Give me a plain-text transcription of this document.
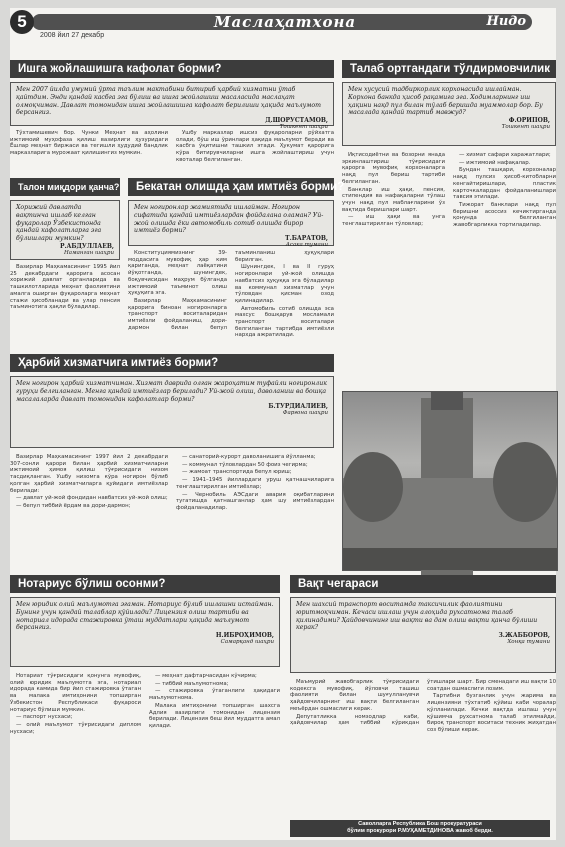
5	Маслаҳатхона	Нидо
2008 йил 27 декабр
Ишга жойлашишга кафолат борми?
Мен 2007 йилда умумий ўрта таълим мактабини битириб ҳарбий хизматни ўтаб қайтдим. Энди қандай касбга эга бўлиш ва ишга жойлашиш масаласида маслаҳат олмоқчиман. Давлат томонидан ишга жойлашишга кафолат берилиши ҳақида маълумот берсангиз.
Д.ШОРУСТАМОВ,
Тошкент шаҳри

Тўхтамишевич бор. Чунки Меҳнат ва аҳолини ижтимоий муҳофаза қилиш вазирлиги ҳузуридаги Ёшлар меҳнат биржаси ва тегишли ҳудудий бандлик марказларига мурожаат қилишингиз мумкин.

Ушбу марказлар ишсиз фуқароларни рўйхатга олади, бўш иш ўринлари ҳақида маълумот беради ва касбга ўқитишни ташкил этади. Ҳукумат қарорига кўра битирувчиларни ишга жойлаштириш учун квоталар белгиланган.

Талаб ортгандаги тўлдирмовчилик
Мен хусусий тадбиркорлик корхонасида ишлайман. Корхона банкда ҳисоб рақамига эга. Ходимларнинг иш ҳақини нақд пул билан тўлаб беришда муаммолар бор. Бу масалада қандай тартиб мавжуд?
Ф.ОРИПОВ,
Тошкент шаҳри

Иқтисодиётни ва бозорни янада эркинлаштириш тўғрисидаги қарорга мувофиқ корхоналарга нақд пул бериш тартиби белгиланган.

Банклар иш ҳақи, пенсия, стипендия ва нафақаларни тўлаш учун нақд пул маблағларини ўз вақтида беришлари шарт.

— иш ҳақи ва унга тенглаштирилган тўловлар;

— хизмат сафари харажатлари;

— ижтимоий нафақалар.

Бундан ташқари, корхоналар нақд пулсиз ҳисоб-китобларни кенгайтиришлари, пластик карточкалардан фойдаланишлари тавсия этилади.

Тижорат банклари нақд пул беришни асоссиз кечиктирганда қонунда белгиланган жавобгарликка тортиладилар.

Талон миқдори қанча?
Хорижий давлатда вақтинча ишлаб келган фуқаролар Ўзбекистонда қандай кафолатларга эга бўлишлари мумкин?
Р.АБДУЛЛАЕВ,
Наманган шаҳри

Вазирлар Маҳкамасининг 1995 йил 25 декабрдаги қарорига асосан хорижий давлат органларида ва ташкилотларида меҳнат фаолиятини амалга оширган фуқароларга меҳнат стажи ҳисобланади ва улар пенсия таъминотига ҳақли бўладилар.

Бекатан олишда ҳам имтиёз борми?
Мен ногиронлар жамиятида ишлайман. Ногирон сифатида қандай имтиёзлардан фойдалана оламан? Уй-жой олишда ёки автомобиль сотиб олишда бирор имтиёз борми?
Т.БАРАТОВ,
Асака тумани

Конституциямизнинг 39-моддасига мувофиқ ҳар ким қариганда, меҳнат лаёқатини йўқотганда, шунингдек, боқувчисидан маҳрум бўлганда ижтимоий таъминот олиш ҳуқуқига эга.

Вазирлар Маҳкамасининг қарорига биноан ногиронларга транспорт воситаларидан имтиёзли фойдаланиш, дори-дармон билан бепул таъминланиш ҳуқуқлари берилган.

Шунингдек, I ва II гуруҳ ногиронлари уй-жой олишда навбатсиз ҳуқуққа эга бўладилар ва коммунал хизматлар учун тўловдан қисман озод қилинадилар.

Автомобиль сотиб олишда эса махсус бошқарув мосламали транспорт воситалари белгиланган тартибда имтиёзли нархда ажратилади.

Ҳарбий хизматчига имтиёз борми?
Мен ногирон ҳарбий хизматчиман. Хизмат даврида олган жароҳатим туфайли ногиронлик гуруҳи белгиланган. Менга қандай имтиёзлар берилади? Уй-жой олиш, даволаниш ва бошқа масалаларда давлат томонидан кафолатлар борми?
Б.ТУРДИАЛИЕВ,
Фарғона шаҳри

Вазирлар Маҳкамасининг 1997 йил 2 декабрдаги 307-сонли қарори билан ҳарбий хизматчиларни ижтимоий ҳимоя қилиш тўғрисидаги низом тасдиқланган. Ушбу низомга кўра ногирон бўлиб қолган ҳарбий хизматчиларга қуйидаги имтиёзлар берилади:

— давлат уй-жой фондидан навбатсиз уй-жой олиш;

— бепул тиббий ёрдам ва дори-дармон;

— санаторий-курорт даволанишига йўлланма;

— коммунал тўловлардан 50 фоиз чегирма;

— жамоат транспортида бепул юриш;

— 1941–1945 йиллардаги уруш қатнашчиларига тенглаштирилган имтиёзлар;

— Чернобиль АЭСдаги авария оқибатларини тугатишда қатнашганлар ҳам шу имтиёзлардан фойдаланадилар.

Нотариус бўлиш осонми?
Мен юридик олий маълумотга эгаман. Нотариус бўлиб ишлашни истайман. Бунинг учун қандай талаблар қўйилади? Лицензия олиш тартиби ва нотариал идорада стажировка ўташ муддатлари ҳақида маълумот берсангиз.
Н.ИБРОҲИМОВ,
Самарқанд шаҳри

Нотариат тўғрисидаги қонунга мувофиқ, олий юридик маълумотга эга, нотариал идорада камида бир йил стажировка ўтаган ва малака имтиҳонини топширган Ўзбекистон Республикаси фуқароси нотариус бўлиши мумкин.

— паспорт нусхаси;

— олий маълумот тўғрисидаги диплом нусхаси;

— меҳнат дафтарчасидан кўчирма;

— тиббий маълумотнома;

— стажировка ўтаганлиги ҳақидаги маълумотнома.

Малака имтиҳонини топширган шахсга Адлия вазирлиги томонидан лицензия берилади. Лицензия беш йил муддатга амал қилади.

Вақт чегараси
Мен шахсий транспорт воситамда таксичилик фаолиятини юритмоқчиман. Кечаси ишлаш учун алоҳида рухсатнома талаб қилинадими? Ҳайдовчининг иш вақти ва дам олиш вақти қанча бўлиши керак?
З.ЖАББОРОВ,
Хонқа тумани

Маъмурий жавобгарлик тўғрисидаги кодексга мувофиқ, йўловчи ташиш фаолияти билан шуғулланувчи ҳайдовчиларнинг иш вақти белгиланган меъёрдан ошмаслиги керак.

Депутатликка номзодлар каби, ҳайдовчилар ҳам тиббий кўрикдан ўтишлари шарт. Бир сменадаги иш вақти 10 соатдан ошмаслиги лозим.

Тартибни бузганлик учун жарима ва лицензияни тўхтатиб қўйиш каби чоралар қўлланилади. Кечки вақтда ишлаш учун қўшимча рухсатнома талаб этилмайди, бироқ транспорт воситаси техник жиҳатдан соз бўлиши керак.

Саволларга Республика Бош прокуратураси
бўлим прокурори Р.МУҲАМЕТДИНОВА жавоб берди.
